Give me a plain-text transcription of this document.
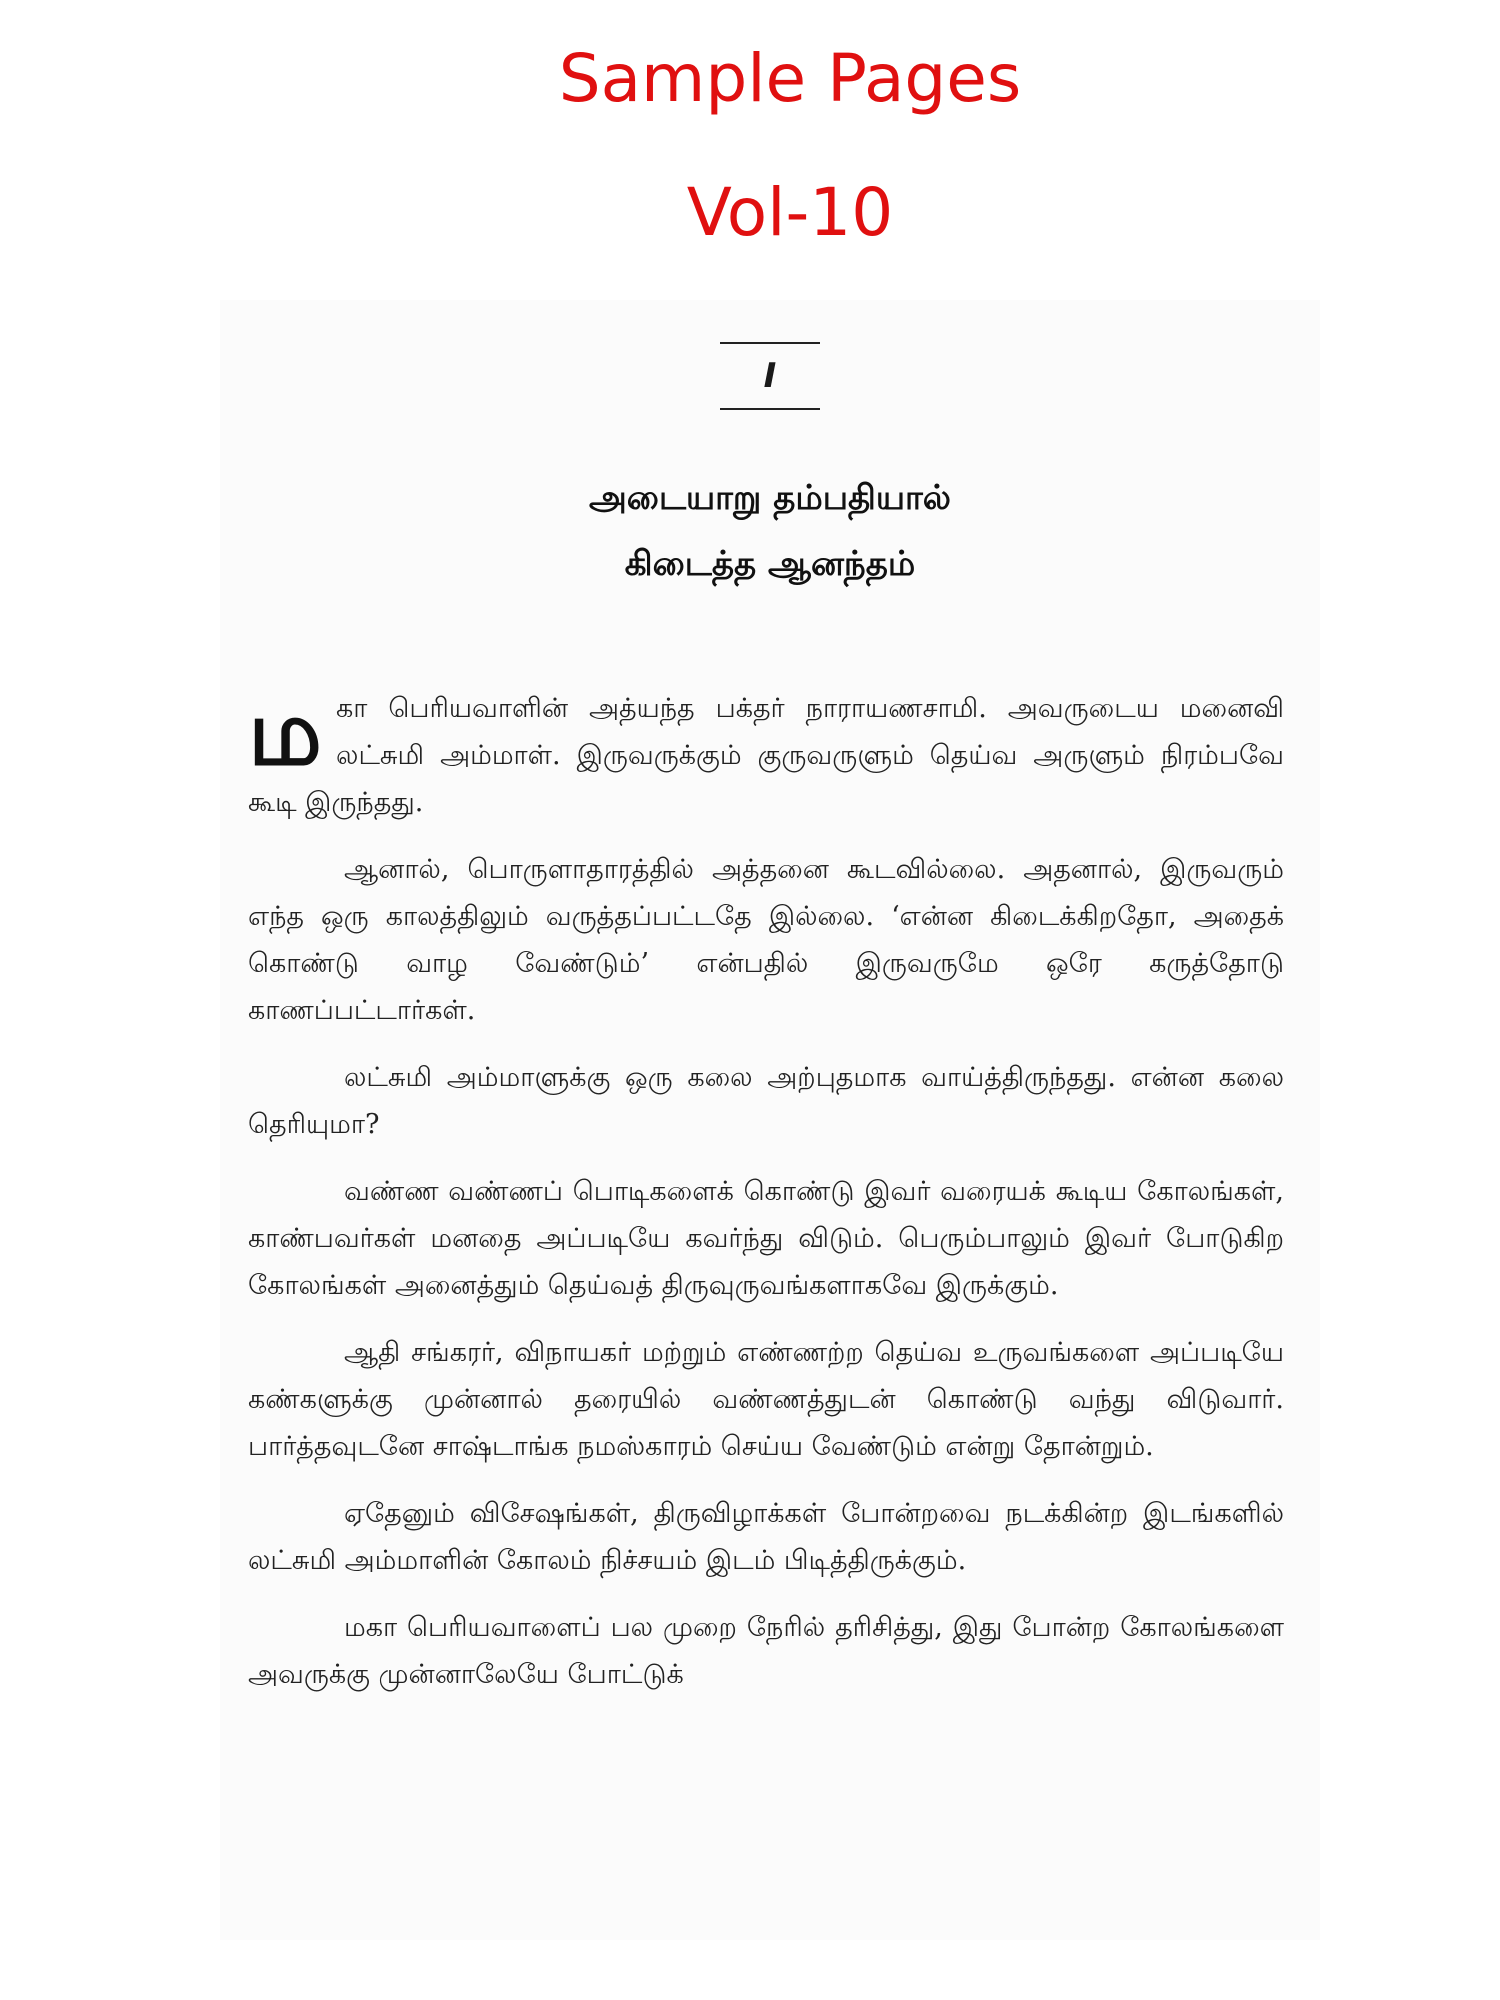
Sample Pages
Vol-10
I
அடையாறு தம்பதியால்
கிடைத்த ஆனந்தம்

மகா பெரியவாளின் அத்யந்த பக்தர் நாராயணசாமி. அவருடைய மனைவி லட்சுமி அம்மாள். இருவருக்கும் குருவருளும் தெய்வ அருளும் நிரம்பவே கூடி இருந்தது.

ஆனால், பொருளாதாரத்தில் அத்தனை கூடவில்லை. அதனால், இருவரும் எந்த ஒரு காலத்திலும் வருத்தப்பட்டதே இல்லை. ‘என்ன கிடைக்கிறதோ, அதைக் கொண்டு வாழ வேண்டும்’ என்பதில் இருவருமே ஒரே கருத்தோடு காணப்பட்டார்கள்.

லட்சுமி அம்மாளுக்கு ஒரு கலை அற்புதமாக வாய்த்திருந்தது. என்ன கலை தெரியுமா?

வண்ண வண்ணப் பொடிகளைக் கொண்டு இவர் வரையக் கூடிய கோலங்கள், காண்பவர்கள் மனதை அப்படியே கவர்ந்து விடும். பெரும்பாலும் இவர் போடுகிற கோலங்கள் அனைத்தும் தெய்வத் திருவுருவங்களாகவே இருக்கும்.

ஆதி சங்கரர், விநாயகர் மற்றும் எண்ணற்ற தெய்வ உருவங்களை அப்படியே கண்களுக்கு முன்னால் தரையில் வண்ணத்துடன் கொண்டு வந்து விடுவார். பார்த்தவுடனே சாஷ்டாங்க நமஸ்காரம் செய்ய வேண்டும் என்று தோன்றும்.

ஏதேனும் விசேஷங்கள், திருவிழாக்கள் போன்றவை நடக்கின்ற இடங்களில் லட்சுமி அம்மாளின் கோலம் நிச்சயம் இடம் பிடித்திருக்கும்.

மகா பெரியவாளைப் பல முறை நேரில் தரிசித்து, இது போன்ற கோலங்களை அவருக்கு முன்னாலேயே போட்டுக்
